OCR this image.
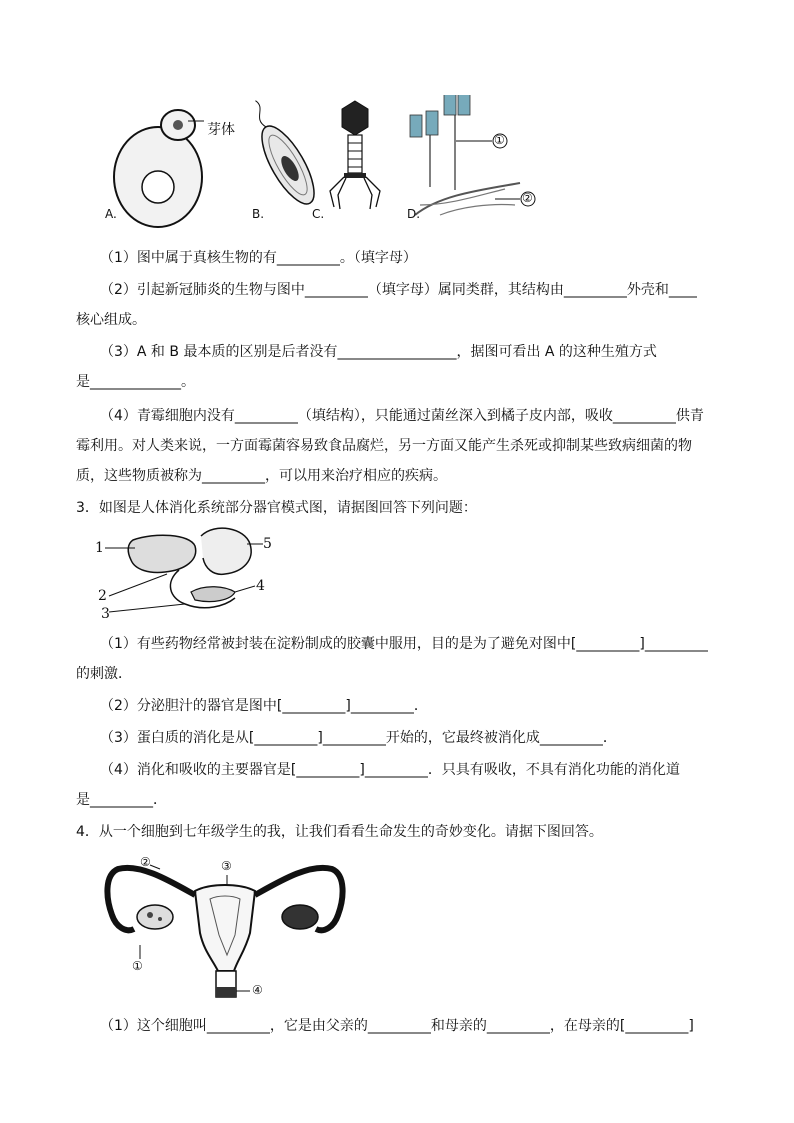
A.	B.	C.	D.
芽体
①
②
（1）图中属于真核生物的有_________。（填字母）
（2）引起新冠肺炎的生物与图中_________（填字母）属同类群，其结构由_________外壳和____
核心组成。
（3）A 和 B 最本质的区别是后者没有_________________，据图可看出 A 的这种生殖方式
是_____________。
（4）青霉细胞内没有_________（填结构），只能通过菌丝深入到橘子皮内部，吸收_________供青
霉利用。对人类来说，一方面霉菌容易致食品腐烂，另一方面又能产生杀死或抑制某些致病细菌的物
质，这些物质被称为_________，可以用来治疗相应的疾病。
3．如图是人体消化系统部分器官模式图，请据图回答下列问题：
1
2
3
4
5
（1）有些药物经常被封装在淀粉制成的胶囊中服用，目的是为了避免对图中[_________]_________
的刺激．
（2）分泌胆汁的器官是图中[_________]_________．
（3）蛋白质的消化是从[_________]_________开始的，它最终被消化成_________．
（4）消化和吸收的主要器官是[_________]_________．只具有吸收，不具有消化功能的消化道
是_________．
4．从一个细胞到七年级学生的我，让我们看看生命发生的奇妙变化。请据下图回答。
①
②	③
④
（1）这个细胞叫_________，它是由父亲的_________和母亲的_________，在母亲的[_________]
